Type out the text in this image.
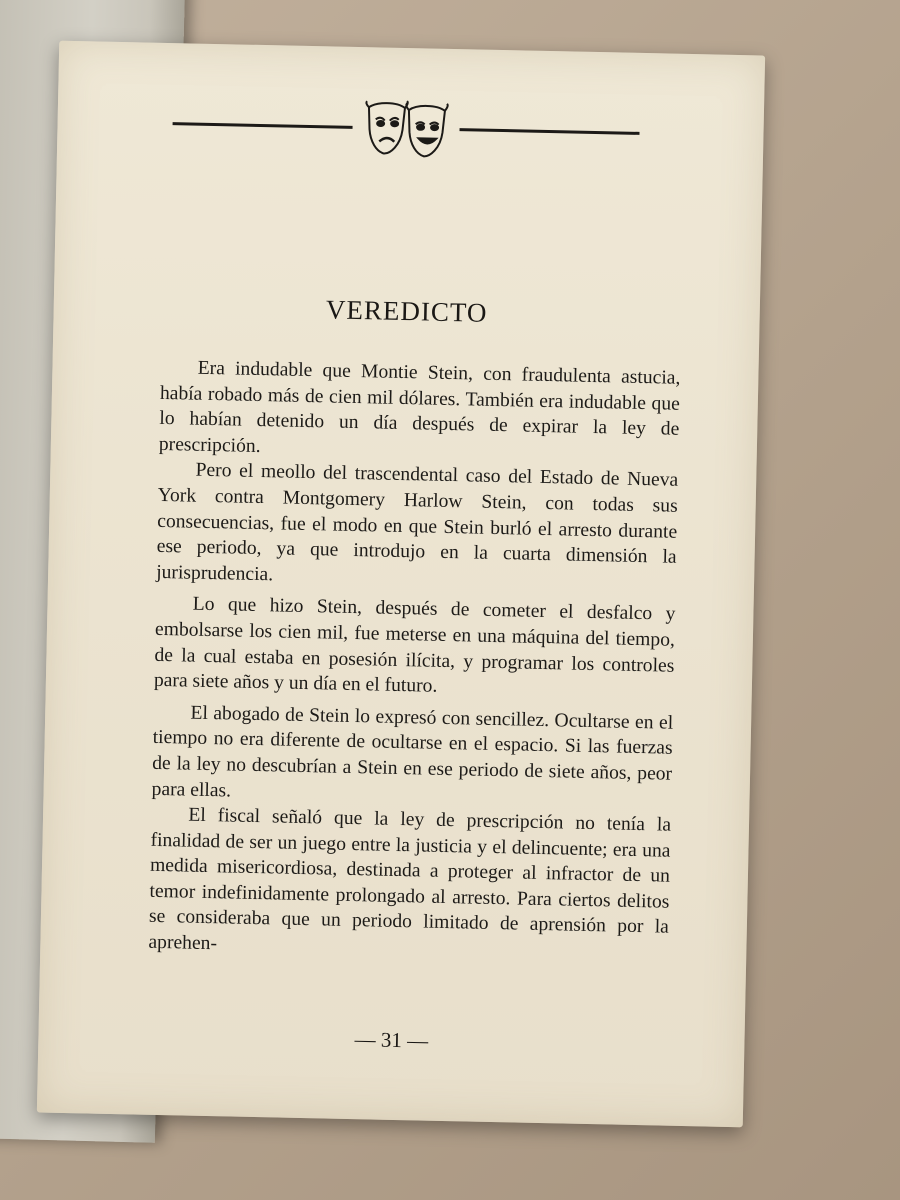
VEREDICTO

Era indudable que Montie Stein, con fraudulenta astucia, había robado más de cien mil dólares. También era indudable que lo habían detenido un día después de expirar la ley de prescripción.

Pero el meollo del trascendental caso del Estado de Nueva York contra Montgomery Harlow Stein, con todas sus consecuencias, fue el modo en que Stein burló el arresto durante ese periodo, ya que introdujo en la cuarta dimensión la jurisprudencia.

Lo que hizo Stein, después de cometer el desfalco y embolsarse los cien mil, fue meterse en una máquina del tiempo, de la cual estaba en posesión ilícita, y programar los controles para siete años y un día en el futuro.

El abogado de Stein lo expresó con sencillez. Ocultarse en el tiempo no era diferente de ocultarse en el espacio. Si las fuerzas de la ley no descubrían a Stein en ese periodo de siete años, peor para ellas.

El fiscal señaló que la ley de prescripción no tenía la finalidad de ser un juego entre la justicia y el delincuente; era una medida misericordiosa, destinada a proteger al infractor de un temor indefinidamente prolongado al arresto. Para ciertos delitos se consideraba que un periodo limitado de aprensión por la aprehen-

— 31 —
